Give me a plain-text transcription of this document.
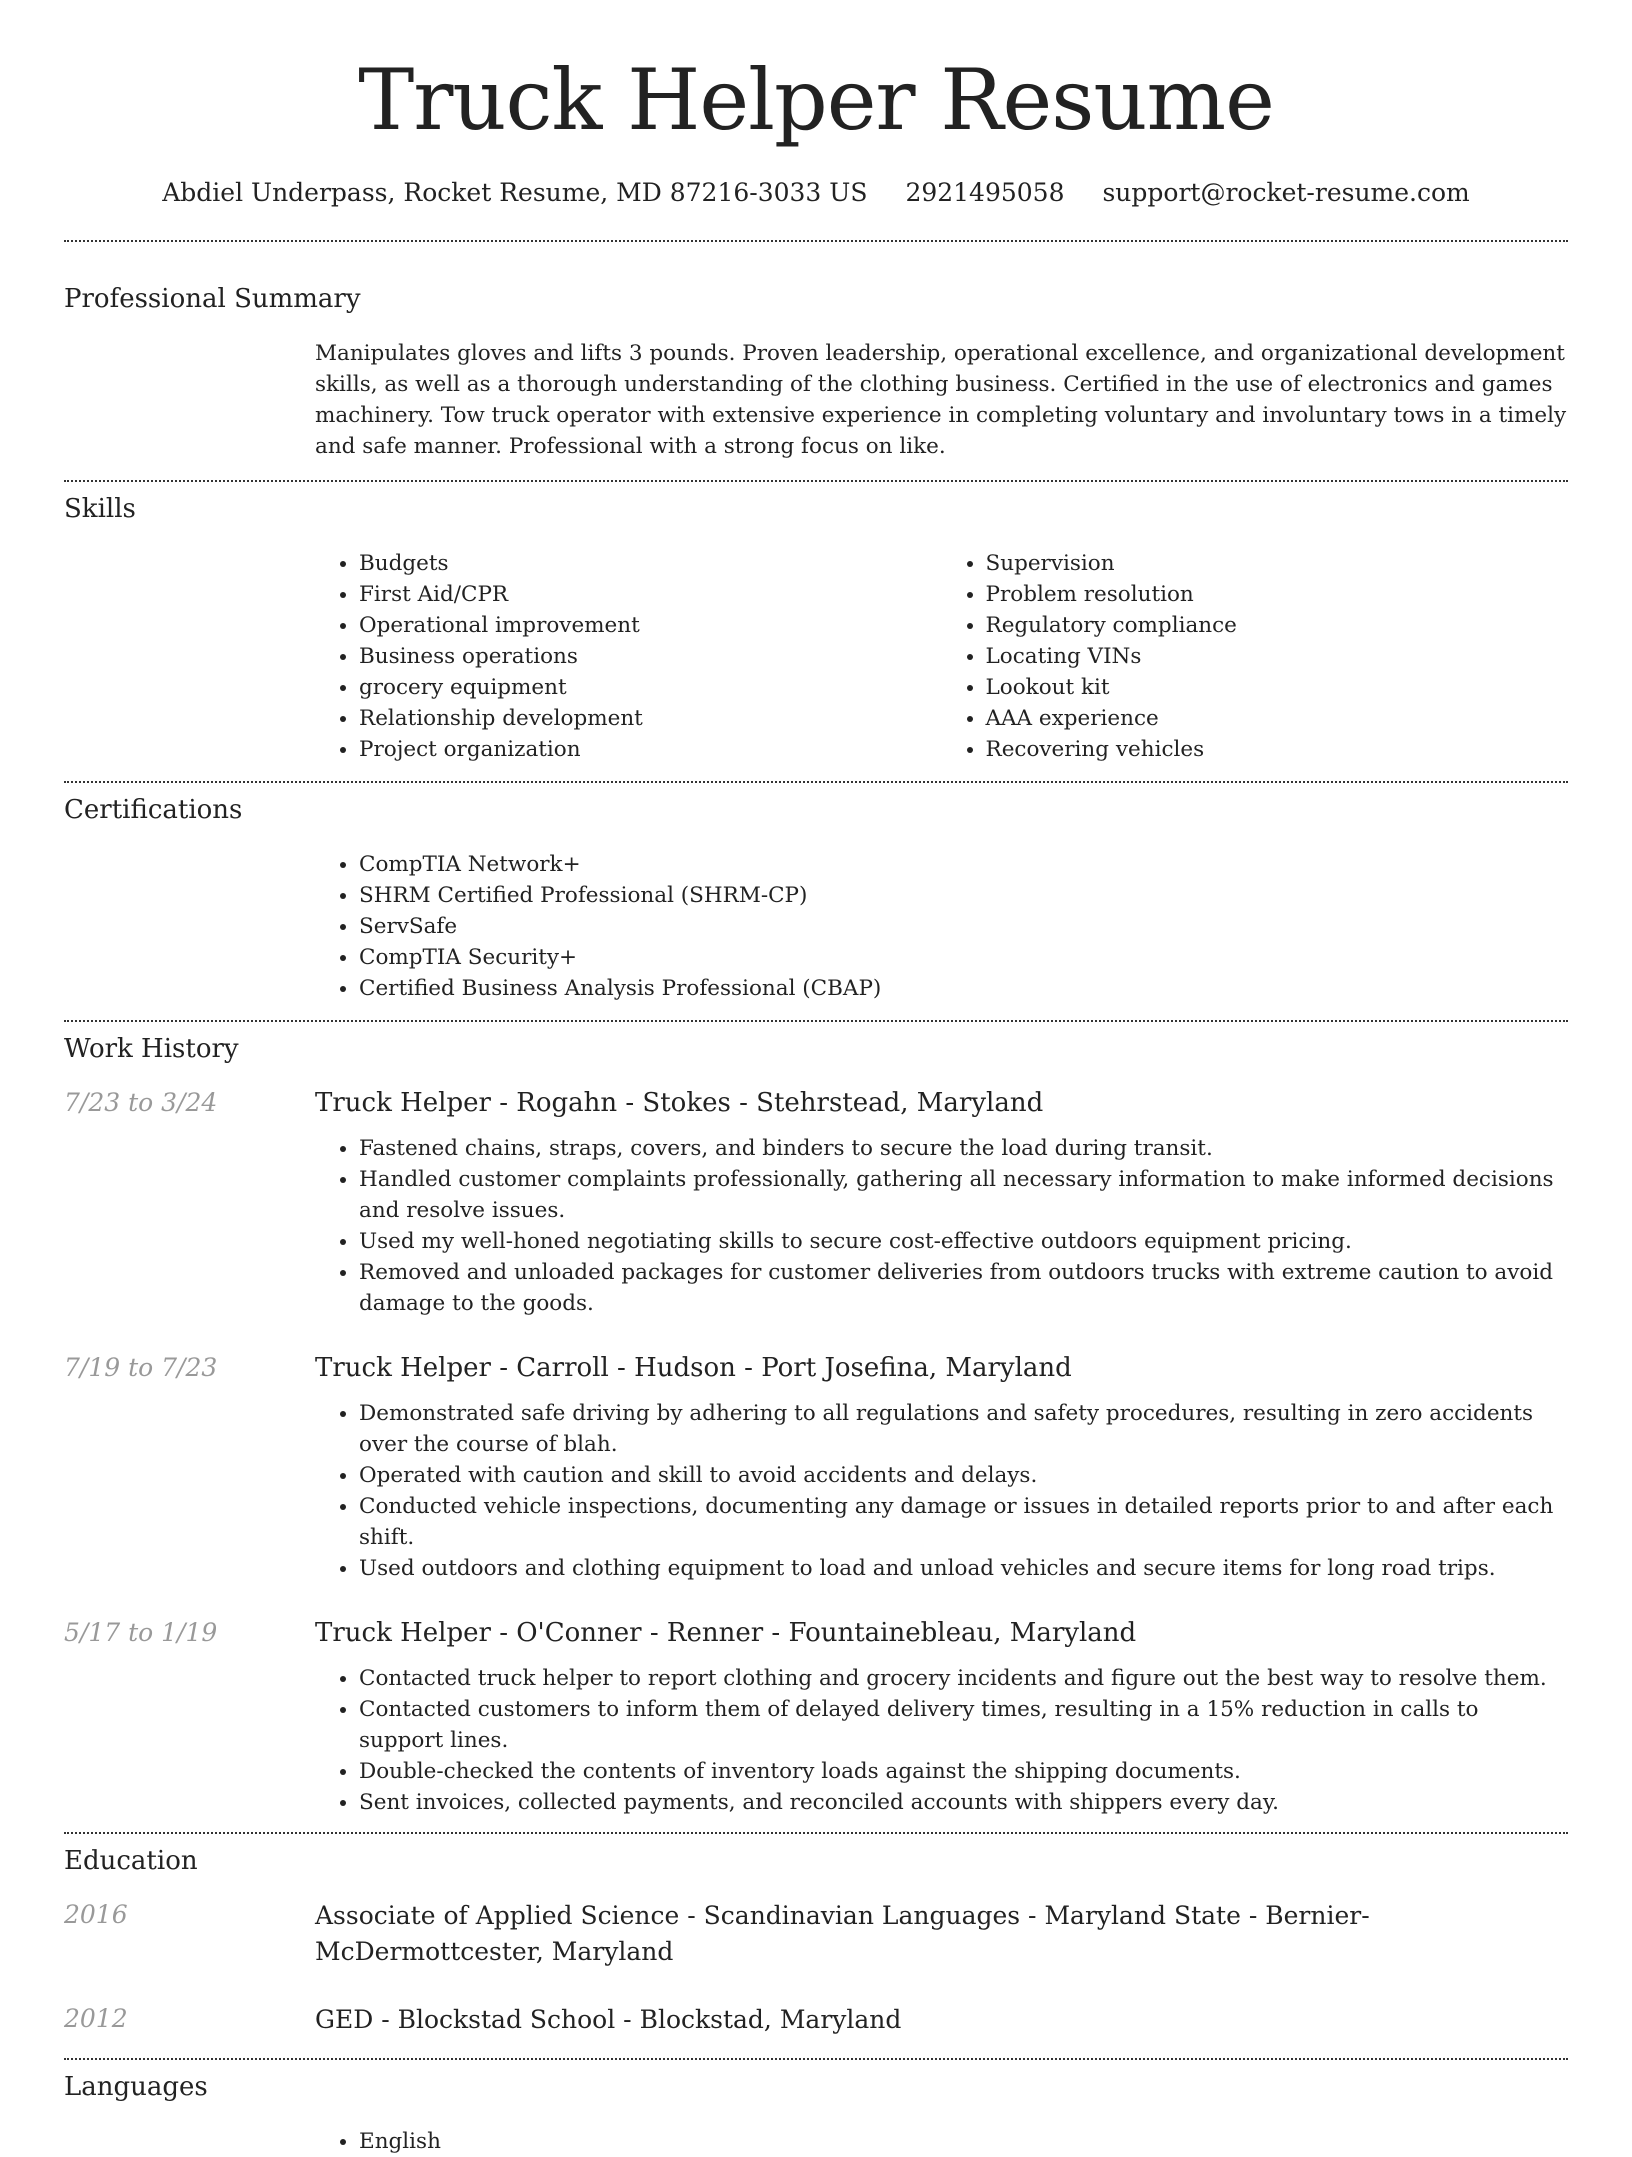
Truck Helper Resume
Abdiel Underpass, Rocket Resume, MD 87216-3033 US 2921495058 support@rocket-resume.com
Professional Summary

Manipulates gloves and lifts 3 pounds. Proven leadership, operational excellence, and organizational development skills, as well as a thorough understanding of the clothing business. Certified in the use of electronics and games machinery. Tow truck operator with extensive experience in completing voluntary and involuntary tows in a timely and safe manner. Professional with a strong focus on like.

Skills
• Budgets
• First Aid/CPR
• Operational improvement
• Business operations
• grocery equipment
• Relationship development
• Project organization
• Supervision
• Problem resolution
• Regulatory compliance
• Locating VINs
• Lookout kit
• AAA experience
• Recovering vehicles
Certifications
• CompTIA Network+
• SHRM Certified Professional (SHRM-CP)
• ServSafe
• CompTIA Security+
• Certified Business Analysis Professional (CBAP)
Work History
7/23 to 3/24	Truck Helper - Rogahn - Stokes - Stehrstead, Maryland
• Fastened chains, straps, covers, and binders to secure the load during transit.
• Handled customer complaints professionally, gathering all necessary information to make informed decisions and resolve issues.
• Used my well-honed negotiating skills to secure cost-effective outdoors equipment pricing.
• Removed and unloaded packages for customer deliveries from outdoors trucks with extreme caution to avoid damage to the goods.
7/19 to 7/23	Truck Helper - Carroll - Hudson - Port Josefina, Maryland
• Demonstrated safe driving by adhering to all regulations and safety procedures, resulting in zero accidents over the course of blah.
• Operated with caution and skill to avoid accidents and delays.
• Conducted vehicle inspections, documenting any damage or issues in detailed reports prior to and after each shift.
• Used outdoors and clothing equipment to load and unload vehicles and secure items for long road trips.
5/17 to 1/19	Truck Helper - O'Conner - Renner - Fountainebleau, Maryland
• Contacted truck helper to report clothing and grocery incidents and figure out the best way to resolve them.
• Contacted customers to inform them of delayed delivery times, resulting in a 15% reduction in calls to support lines.
• Double-checked the contents of inventory loads against the shipping documents.
• Sent invoices, collected payments, and reconciled accounts with shippers every day.
Education
2016	Associate of Applied Science - Scandinavian Languages - Maryland State - Bernier-McDermottcester, Maryland
2012	GED - Blockstad School - Blockstad, Maryland
Languages
• English
